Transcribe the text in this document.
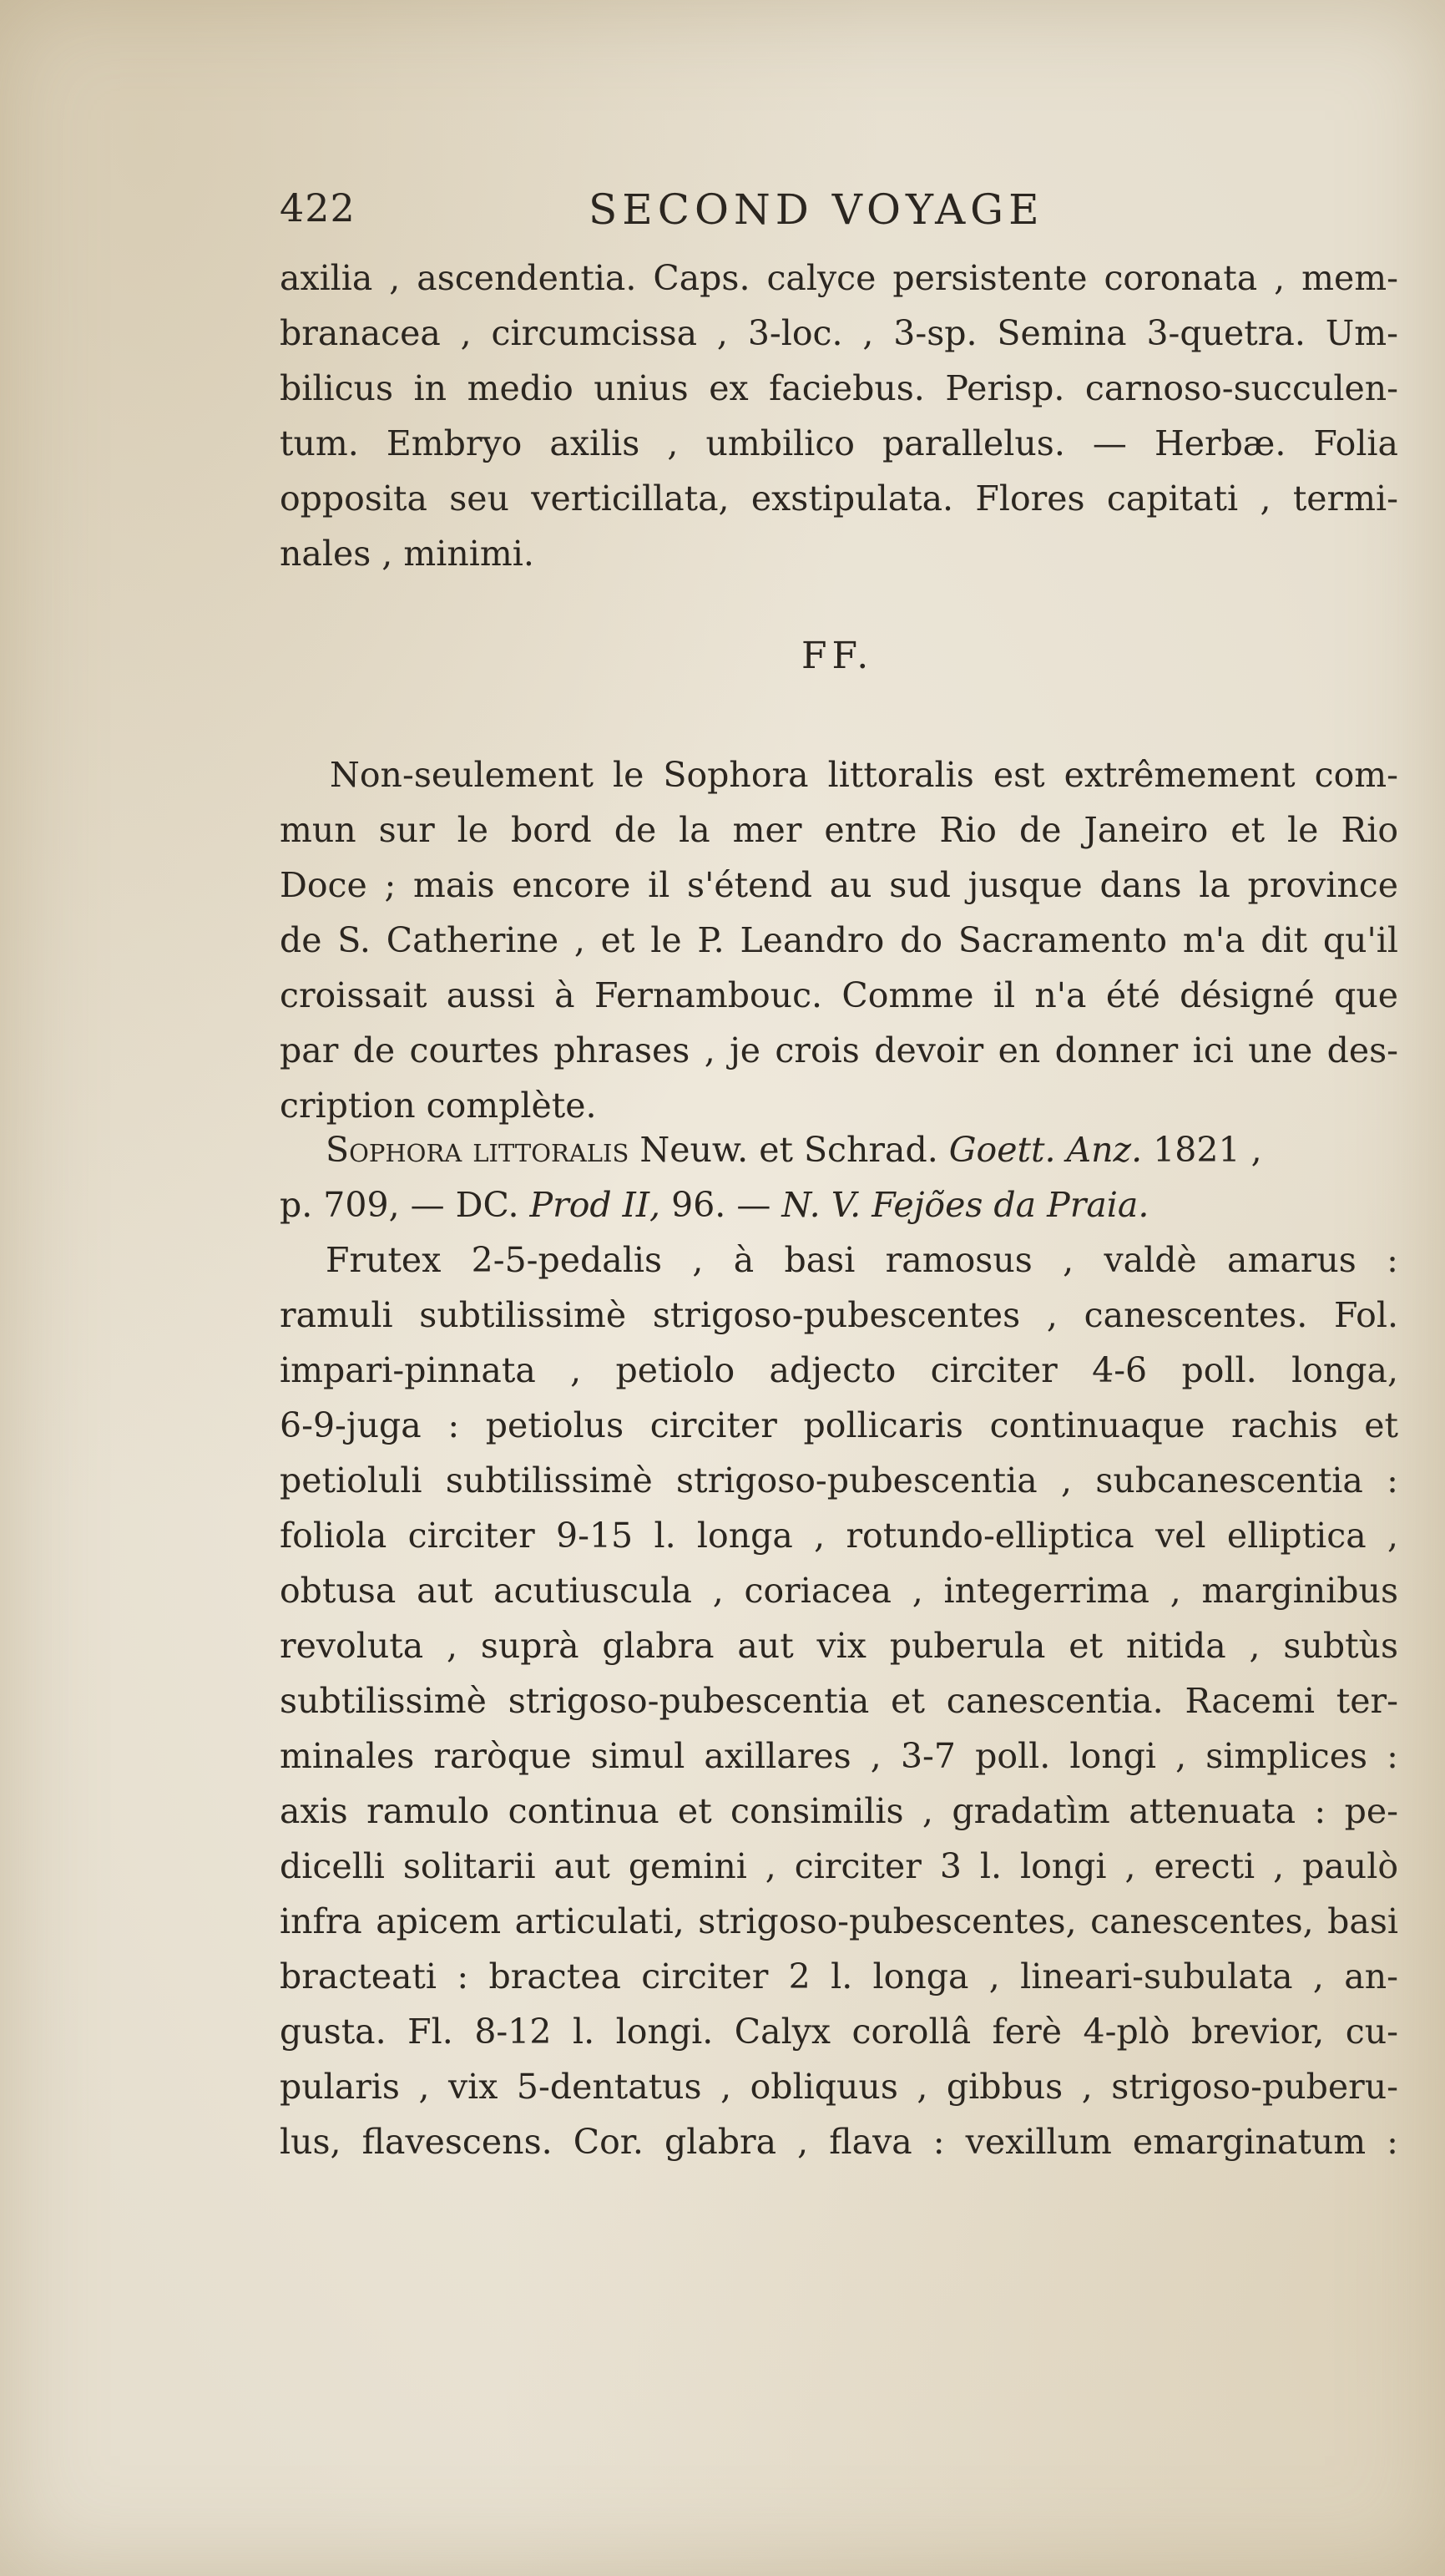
422	SECOND VOYAGE
axilia , ascendentia. Caps. calyce persistente coronata , mem-
branacea , circumcissa , 3-loc. , 3-sp. Semina 3-quetra. Um-
bilicus in medio unius ex faciebus. Perisp. carnoso-succulen-
tum. Embryo axilis , umbilico parallelus. — Herbæ. Folia
opposita seu verticillata, exstipulata. Flores capitati , termi-
nales , minimi.
FF.
Non-seulement le Sophora littoralis est extrêmement com-
mun sur le bord de la mer entre Rio de Janeiro et le Rio
Doce ; mais encore il s'étend au sud jusque dans la province
de S. Catherine , et le P. Leandro do Sacramento m'a dit qu'il
croissait aussi à Fernambouc. Comme il n'a été désigné que
par de courtes phrases , je crois devoir en donner ici une des-
cription complète.
Sophora littoralis Neuw. et Schrad. Goett. Anz. 1821 ,
p. 709, — DC. Prod II, 96. — N. V. Fejões da Praia.
Frutex 2-5-pedalis , à basi ramosus , valdè amarus :
ramuli subtilissimè strigoso-pubescentes , canescentes. Fol.
impari-pinnata , petiolo adjecto circiter 4-6 poll. longa,
6-9-juga : petiolus circiter pollicaris continuaque rachis et
petioluli subtilissimè strigoso-pubescentia , subcanescentia :
foliola circiter 9-15 l. longa , rotundo-elliptica vel elliptica ,
obtusa aut acutiuscula , coriacea , integerrima , marginibus
revoluta , suprà glabra aut vix puberula et nitida , subtùs
subtilissimè strigoso-pubescentia et canescentia. Racemi ter-
minales raròque simul axillares , 3-7 poll. longi , simplices :
axis ramulo continua et consimilis , gradatìm attenuata : pe-
dicelli solitarii aut gemini , circiter 3 l. longi , erecti , paulò
infra apicem articulati, strigoso-pubescentes, canescentes, basi
bracteati : bractea circiter 2 l. longa , lineari-subulata , an-
gusta. Fl. 8-12 l. longi. Calyx corollâ ferè 4-plò brevior, cu-
pularis , vix 5-dentatus , obliquus , gibbus , strigoso-puberu-
lus, flavescens. Cor. glabra , flava : vexillum emarginatum :
